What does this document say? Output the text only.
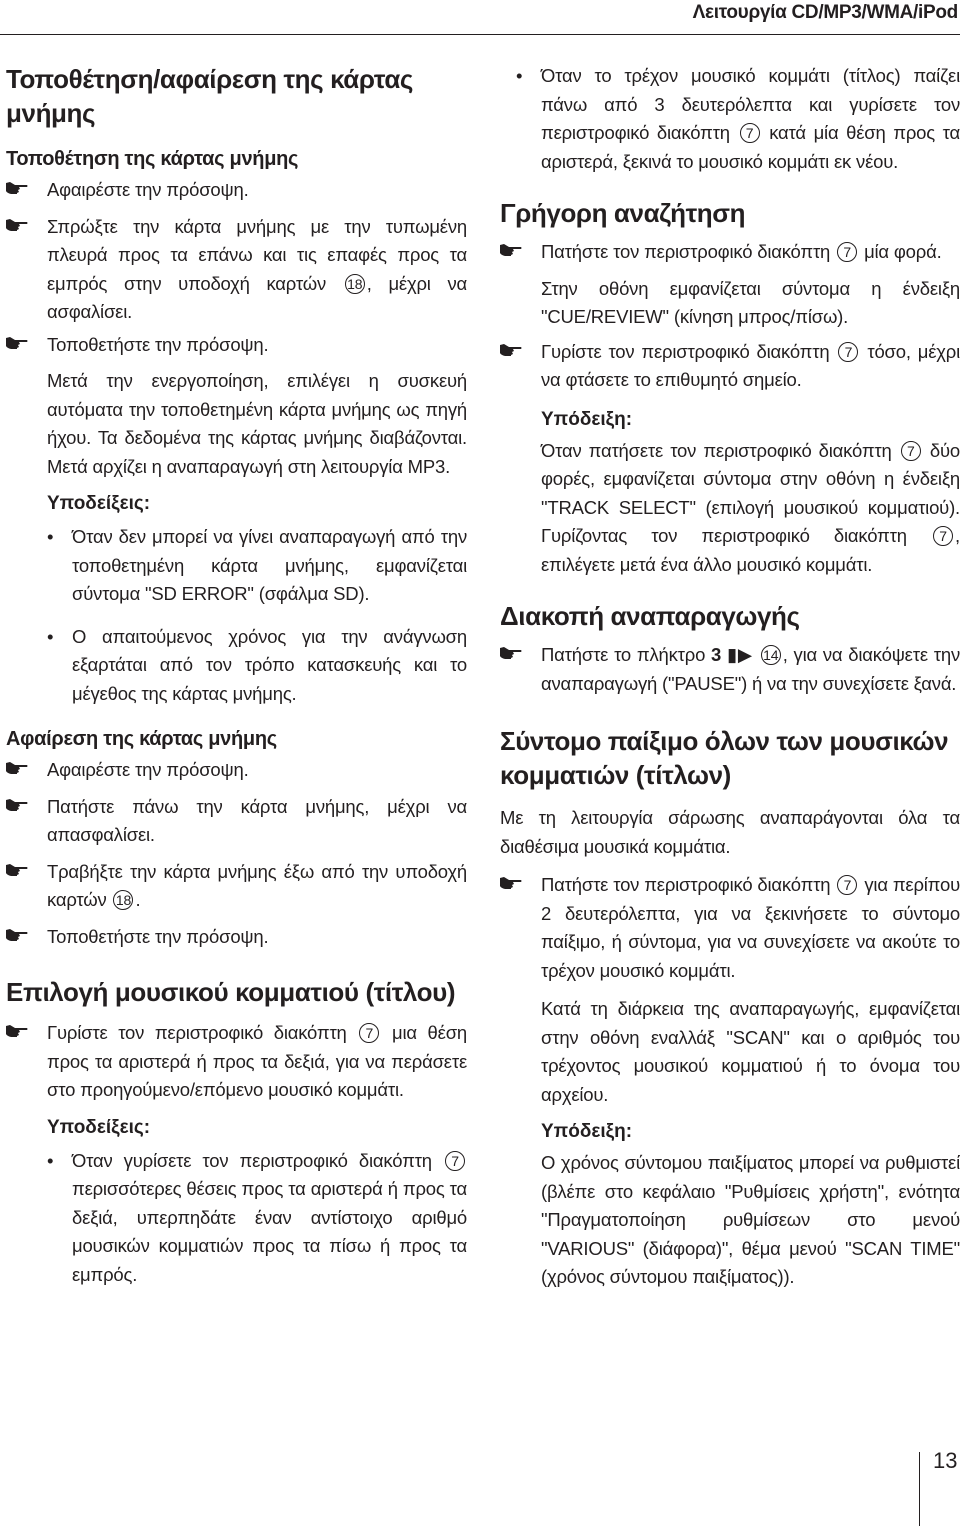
Λειτουργία CD/MP3/WMA/iPod
Τοποθέτηση/αφαίρεση της κάρτας μνήμης
Τοποθέτηση της κάρτας μνήμης
Αφαιρέστε την πρόσοψη.
Σπρώξτε την κάρτα μνήμης με την τυπωμένη πλευρά προς τα επάνω και τις επαφές προς τα εμπρός στην υποδοχή καρτών 18 , μέχρι να ασφαλίσει.
Τοποθετήστε την πρόσοψη.
Μετά την ενεργοποίηση, επιλέγει η συσκευή αυτόματα την τοποθετημένη κάρτα μνήμης ως πηγή ήχου. Τα δεδομένα της κάρτας μνήμης διαβάζονται. Μετά αρχίζει η αναπαραγωγή στη λειτουργία MP3.
Υποδείξεις:
• Όταν δεν μπορεί να γίνει αναπαραγωγή από την τοποθετημένη κάρτα μνήμης, εμφανίζεται σύντομα "SD ERROR" (σφάλμα SD).
• Ο απαιτούμενος χρόνος για την ανάγνωση εξαρτάται από τον τρόπο κατασκευής και το μέγεθος της κάρτας μνήμης.
Αφαίρεση της κάρτας μνήμης
Αφαιρέστε την πρόσοψη.
Πατήστε πάνω την κάρτα μνήμης, μέχρι να απασφαλίσει.
Τραβήξτε την κάρτα μνήμης έξω από την υποδοχή καρτών 18 .
Τοποθετήστε την πρόσοψη.
Επιλογή μουσικού κομματιού (τίτλου)
Γυρίστε τον περιστροφικό διακόπτη 7 μια θέση προς τα αριστερά ή προς τα δεξιά, για να περάσετε στο προηγούμενο/επόμενο μουσικό κομμάτι.
Υποδείξεις:
• Όταν γυρίσετε τον περιστροφικό διακόπτη 7 περισσότερες θέσεις προς τα αριστερά ή προς τα δεξιά, υπερπηδάτε έναν αντίστοιχο αριθμό μουσικών κομματιών προς τα πίσω ή προς τα εμπρός.
• Όταν το τρέχον μουσικό κομμάτι (τίτλος) παίζει πάνω από 3 δευτερόλεπτα και γυρίσετε τον περιστροφικό διακόπτη 7 κατά μία θέση προς τα αριστερά, ξεκινά το μουσικό κομμάτι εκ νέου.
Γρήγορη αναζήτηση
Πατήστε τον περιστροφικό διακόπτη 7 μία φορά.
Στην οθόνη εμφανίζεται σύντομα η ένδειξη "CUE/REVIEW" (κίνηση μπρος/πίσω).
Γυρίστε τον περιστροφικό διακόπτη 7 τόσο, μέχρι να φτάσετε το επιθυμητό σημείο.
Υπόδειξη:
Όταν πατήσετε τον περιστροφικό διακόπτη 7 δύο φορές, εμφανίζεται σύντομα στην οθόνη η ένδειξη "TRACK SELECT" (επιλογή μουσικού κομματιού). Γυρίζοντας τον περιστροφικό διακόπτη 7 , επιλέγετε μετά ένα άλλο μουσικό κομμάτι.
Διακοπή αναπαραγωγής
Πατήστε το πλήκτρο 3 ▮▶ 14 , για να διακόψετε την αναπαραγωγή ("PAUSE") ή να την συνεχίσετε ξανά.
Σύντομο παίξιμο όλων των μουσικών κομματιών (τίτλων)

Με τη λειτουργία σάρωσης αναπαράγονται όλα τα διαθέσιμα μουσικά κομμάτια.

Πατήστε τον περιστροφικό διακόπτη 7 για περίπου 2 δευτερόλεπτα, για να ξεκινήσετε το σύντομο παίξιμο, ή σύντομα, για να συνεχίσετε να ακούτε το τρέχον μουσικό κομμάτι.
Κατά τη διάρκεια της αναπαραγωγής, εμφανίζεται στην οθόνη εναλλάξ "SCAN" και ο αριθμός του τρέχοντος μουσικού κομματιού ή το όνομα του αρχείου.
Υπόδειξη:
Ο χρόνος σύντομου παιξίματος μπορεί να ρυθμιστεί (βλέπε στο κεφάλαιο "Ρυθμίσεις χρήστη", ενότητα "Πραγματοποίηση ρυθμίσεων στο μενού "VARIOUS" (διάφορα)", θέμα μενού "SCAN TIME" (χρόνος σύντομου παιξίματος)).
13
